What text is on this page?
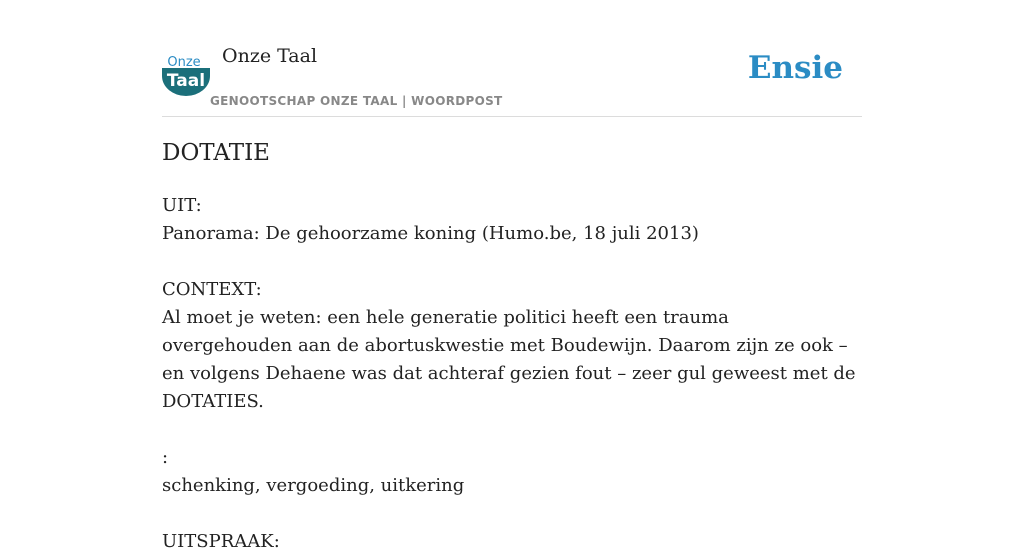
Onze
Taal
Onze Taal
GENOOTSCHAP ONZE TAAL | WOORDPOST
Ensie
DOTATIE
UIT:
Panorama: De gehoorzame koning (Humo.be, 18 juli 2013)
CONTEXT:
Al moet je weten: een hele generatie politici heeft een trauma overgehouden aan de abortuskwestie met Boudewijn. Daarom zijn ze ook – en volgens Dehaene was dat achteraf gezien fout – zeer gul geweest met de DOTATIES.
:
schenking, vergoeding, uitkering
UITSPRAAK:
